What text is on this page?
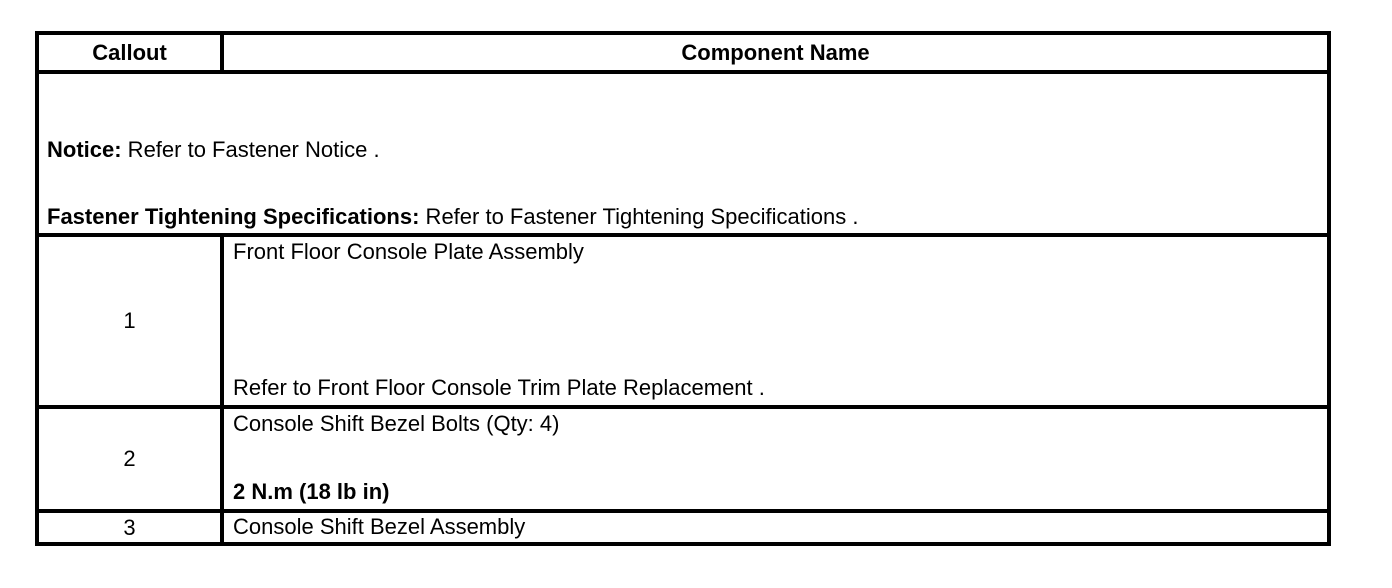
Callout	Component Name
Notice: Refer to Fastener Notice .
Fastener Tightening Specifications: Refer to Fastener Tightening Specifications .
1
Front Floor Console Plate Assembly
Refer to Front Floor Console Trim Plate Replacement .
2
Console Shift Bezel Bolts (Qty: 4)
2 N.m (18 lb in)
3	Console Shift Bezel Assembly
